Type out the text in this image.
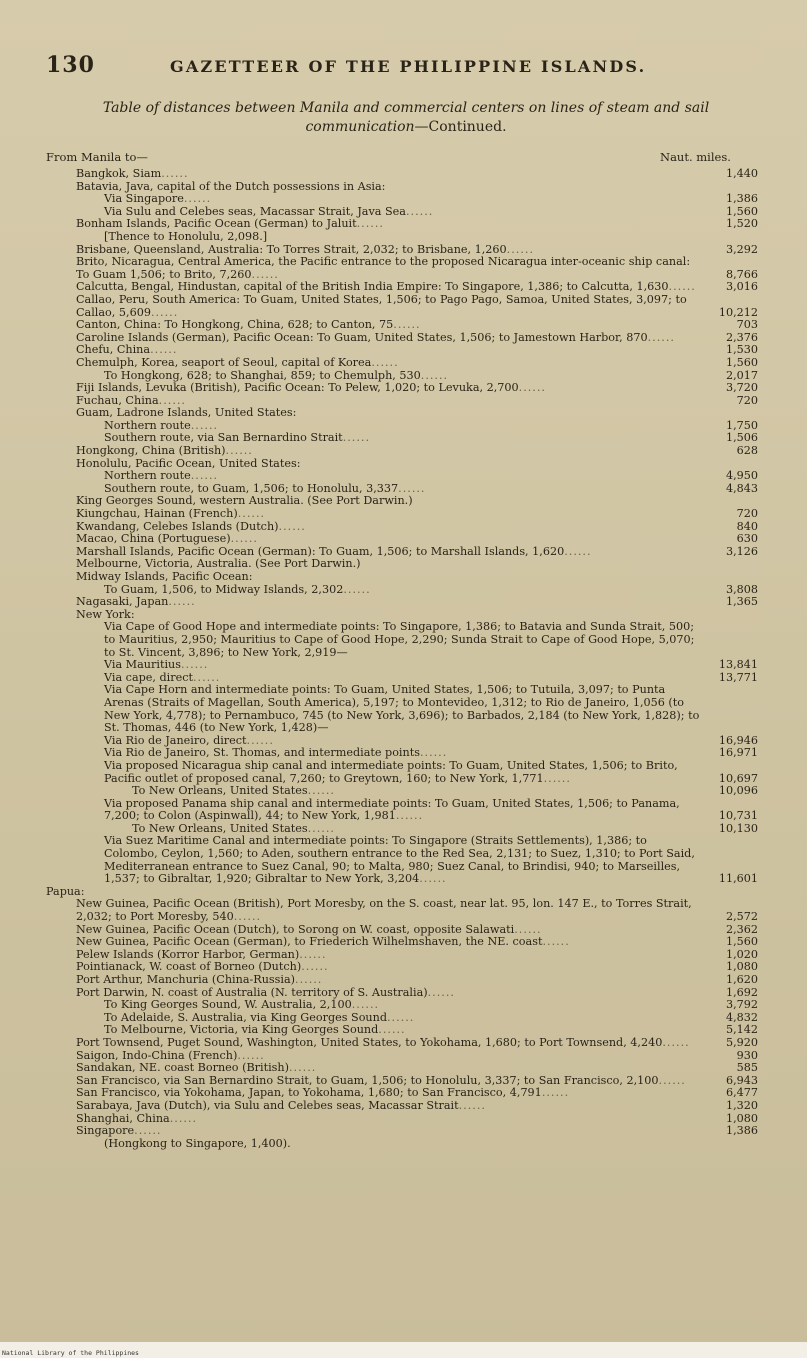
130	GAZETTEER OF THE PHILIPPINE ISLANDS.
Table of distances between Manila and commercial centers on lines of steam and sail
communication—Continued.
From Manila to—	Naut. miles.
Bangkok, Siam......	1,440
Batavia, Java, capital of the Dutch possessions in Asia:
Via Singapore......	1,386
Via Sulu and Celebes seas, Macassar Strait, Java Sea......	1,560
Bonham Islands, Pacific Ocean (German) to Jaluit......	1,520
[Thence to Honolulu, 2,098.]
Brisbane, Queensland, Australia: To Torres Strait, 2,032; to Brisbane, 1,260......	3,292
Brito, Nicaragua, Central America, the Pacific entrance to the proposed Nicaragua inter-oceanic ship canal: To Guam 1,506; to Brito, 7,260......	8,766
Calcutta, Bengal, Hindustan, capital of the British India Empire: To Singapore, 1,386; to Calcutta, 1,630......	3,016
Callao, Peru, South America: To Guam, United States, 1,506; to Pago Pago, Samoa, United States, 3,097; to Callao, 5,609......	10,212
Canton, China: To Hongkong, China, 628; to Canton, 75......	703
Caroline Islands (German), Pacific Ocean: To Guam, United States, 1,506; to Jamestown Harbor, 870......	2,376
Chefu, China......	1,530
Chemulph, Korea, seaport of Seoul, capital of Korea......	1,560
To Hongkong, 628; to Shanghai, 859; to Chemulph, 530......	2,017
Fiji Islands, Levuka (British), Pacific Ocean: To Pelew, 1,020; to Levuka, 2,700......	3,720
Fuchau, China......	720
Guam, Ladrone Islands, United States:
Northern route......	1,750
Southern route, via San Bernardino Strait......	1,506
Hongkong, China (British)......	628
Honolulu, Pacific Ocean, United States:
Northern route......	4,950
Southern route, to Guam, 1,506; to Honolulu, 3,337......	4,843
King Georges Sound, western Australia. (See Port Darwin.)
Kiungchau, Hainan (French)......	720
Kwandang, Celebes Islands (Dutch)......	840
Macao, China (Portuguese)......	630
Marshall Islands, Pacific Ocean (German): To Guam, 1,506; to Marshall Islands, 1,620......	3,126
Melbourne, Victoria, Australia. (See Port Darwin.)
Midway Islands, Pacific Ocean:
To Guam, 1,506, to Midway Islands, 2,302......	3,808
Nagasaki, Japan......	1,365
New York:
Via Cape of Good Hope and intermediate points: To Singapore, 1,386; to Batavia and Sunda Strait, 500; to Mauritius, 2,950; Mauritius to Cape of Good Hope, 2,290; Sunda Strait to Cape of Good Hope, 5,070; to St. Vincent, 3,896; to New York, 2,919—
Via Mauritius......	13,841
Via cape, direct......	13,771
Via Cape Horn and intermediate points: To Guam, United States, 1,506; to Tutuila, 3,097; to Punta Arenas (Straits of Magellan, South America), 5,197; to Montevideo, 1,312; to Rio de Janeiro, 1,056 (to New York, 4,778); to Pernambuco, 745 (to New York, 3,696); to Barbados, 2,184 (to New York, 1,828); to St. Thomas, 446 (to New York, 1,428)—
Via Rio de Janeiro, direct......	16,946
Via Rio de Janeiro, St. Thomas, and intermediate points......	16,971
Via proposed Nicaragua ship canal and intermediate points: To Guam, United States, 1,506; to Brito, Pacific outlet of proposed canal, 7,260; to Greytown, 160; to New York, 1,771......	10,697
To New Orleans, United States......	10,096
Via proposed Panama ship canal and intermediate points: To Guam, United States, 1,506; to Panama, 7,200; to Colon (Aspinwall), 44; to New York, 1,981......	10,731
To New Orleans, United States......	10,130
Via Suez Maritime Canal and intermediate points: To Singapore (Straits Settlements), 1,386; to Colombo, Ceylon, 1,560; to Aden, southern entrance to the Red Sea, 2,131; to Suez, 1,310; to Port Said, Mediterranean entrance to Suez Canal, 90; to Malta, 980; Suez Canal, to Brindisi, 940; to Marseilles, 1,537; to Gibraltar, 1,920; Gibraltar to New York, 3,204......	11,601
Papua:
New Guinea, Pacific Ocean (British), Port Moresby, on the S. coast, near lat. 95, lon. 147 E., to Torres Strait, 2,032; to Port Moresby, 540......	2,572
New Guinea, Pacific Ocean (Dutch), to Sorong on W. coast, opposite Salawati......	2,362
New Guinea, Pacific Ocean (German), to Friederich Wilhelmshaven, the NE. coast......	1,560
Pelew Islands (Korror Harbor, German)......	1,020
Pointianack, W. coast of Borneo (Dutch)......	1,080
Port Arthur, Manchuria (China-Russia)......	1,620
Port Darwin, N. coast of Australia (N. territory of S. Australia)......	1,692
To King Georges Sound, W. Australia, 2,100......	3,792
To Adelaide, S. Australia, via King Georges Sound......	4,832
To Melbourne, Victoria, via King Georges Sound......	5,142
Port Townsend, Puget Sound, Washington, United States, to Yokohama, 1,680; to Port Townsend, 4,240......	5,920
Saigon, Indo-China (French)......	930
Sandakan, NE. coast Borneo (British)......	585
San Francisco, via San Bernardino Strait, to Guam, 1,506; to Honolulu, 3,337; to San Francisco, 2,100......	6,943
San Francisco, via Yokohama, Japan, to Yokohama, 1,680; to San Francisco, 4,791......	6,477
Sarabaya, Java (Dutch), via Sulu and Celebes seas, Macassar Strait......	1,320
Shanghai, China......	1,080
Singapore......	1,386
(Hongkong to Singapore, 1,400).
National Library of the Philippines
